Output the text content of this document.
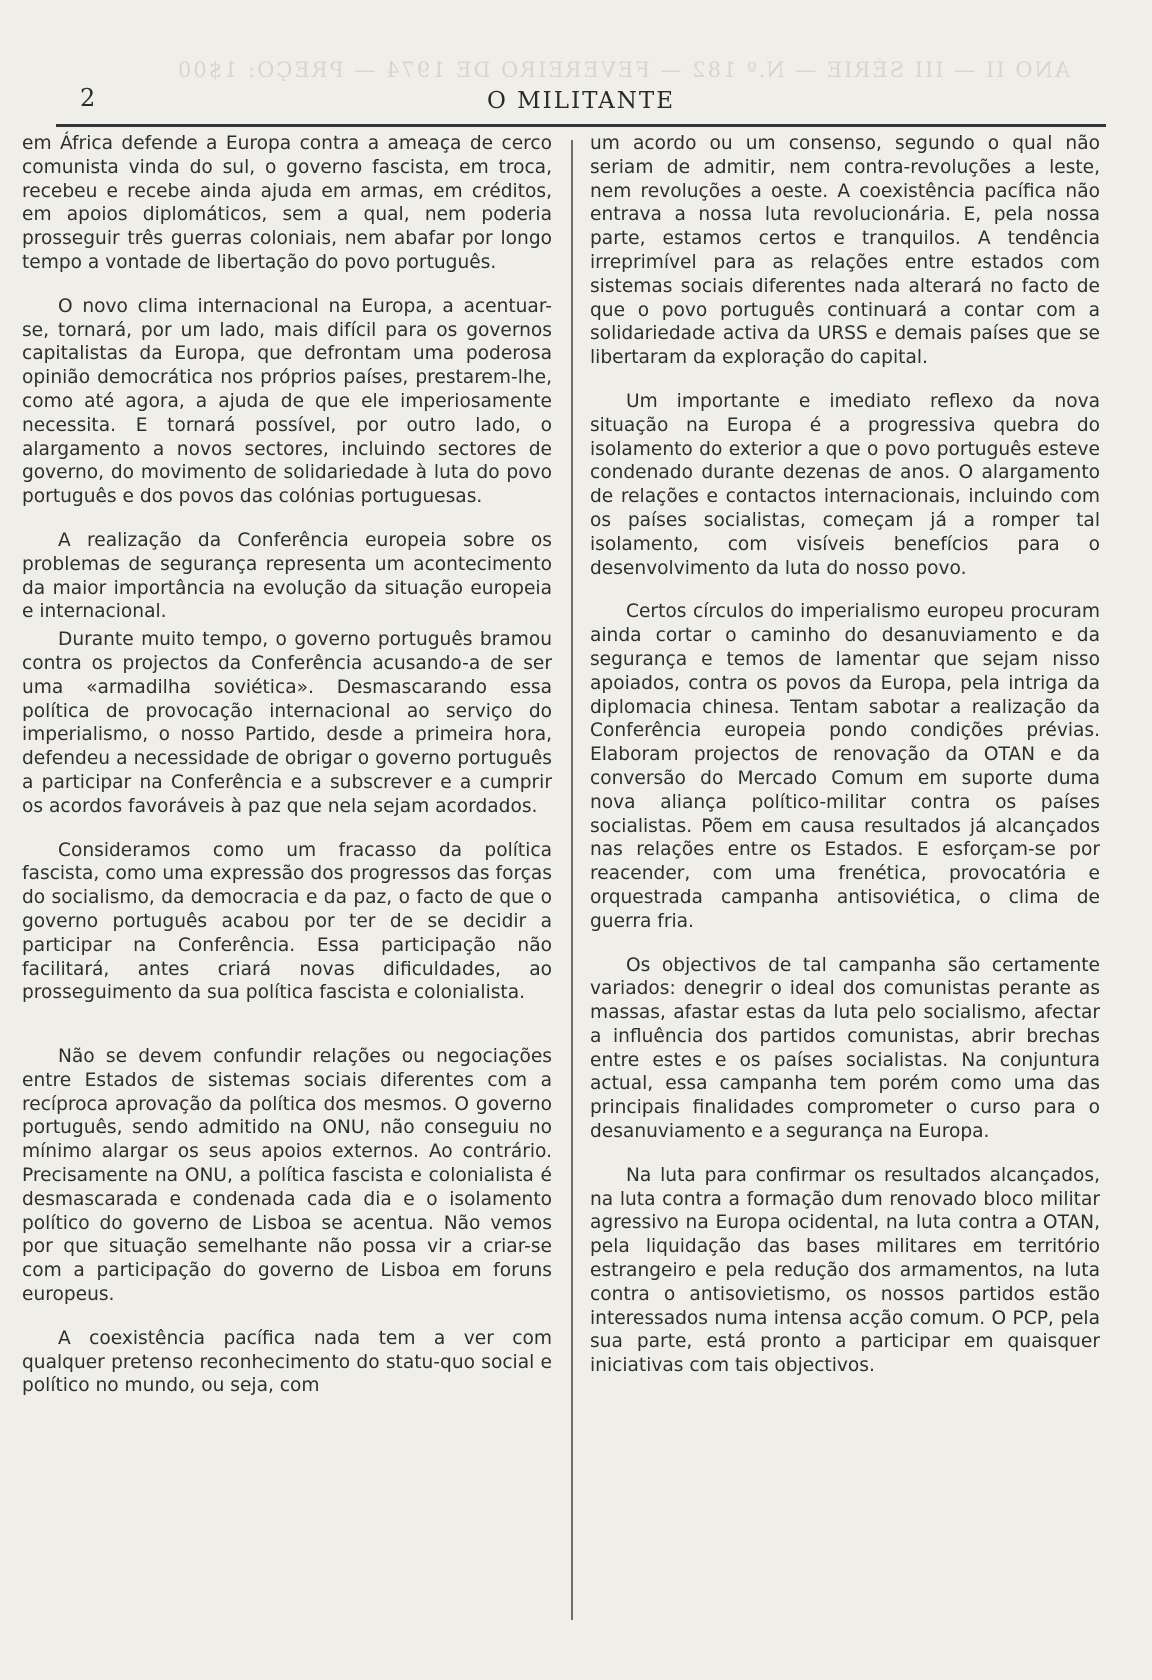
ANO II — III SÉRIE — N.º 182 — FEVEREIRO DE 1974 — PREÇO: 1$00
2	O MILITANTE

em África defende a Europa contra a ameaça de cerco comunista vinda do sul, o governo fascista, em troca, recebeu e recebe ainda ajuda em armas, em créditos, em apoios diplomáticos, sem a qual, nem poderia prosseguir três guerras coloniais, nem abafar por longo tempo a vontade de libertação do povo português.

O novo clima internacional na Europa, a acentuar-se, tornará, por um lado, mais difícil para os governos capitalistas da Europa, que defrontam uma poderosa opinião democrática nos próprios países, prestarem-lhe, como até agora, a ajuda de que ele imperiosamente necessita. E tornará possível, por outro lado, o alargamento a novos sectores, incluindo sectores de governo, do movimento de solidariedade à luta do povo português e dos povos das colónias portuguesas.

A realização da Conferência europeia sobre os problemas de segurança representa um acontecimento da maior importância na evolução da situação europeia e internacional.

Durante muito tempo, o governo português bramou contra os projectos da Conferência acusando-a de ser uma «armadilha soviética». Desmascarando essa política de provocação internacional ao serviço do imperialismo, o nosso Partido, desde a primeira hora, defendeu a necessidade de obrigar o governo português a participar na Conferência e a subscrever e a cumprir os acordos favoráveis à paz que nela sejam acordados.

Consideramos como um fracasso da política fascista, como uma expressão dos progressos das forças do socialismo, da democracia e da paz, o facto de que o governo português acabou por ter de se decidir a participar na Conferência. Essa participação não facilitará, antes criará novas dificuldades, ao prosseguimento da sua política fascista e colonialista.

Não se devem confundir relações ou negociações entre Estados de sistemas sociais diferentes com a recíproca aprovação da política dos mesmos. O governo português, sendo admitido na ONU, não conseguiu no mínimo alargar os seus apoios externos. Ao contrário. Precisamente na ONU, a política fascista e colonialista é desmascarada e condenada cada dia e o isolamento político do governo de Lisboa se acentua. Não vemos por que situação semelhante não possa vir a criar-se com a participação do governo de Lisboa em foruns europeus.

A coexistência pacífica nada tem a ver com qualquer pretenso reconhecimento do statu-quo social e político no mundo, ou seja, com

um acordo ou um consenso, segundo o qual não seriam de admitir, nem contra-revoluções a leste, nem revoluções a oeste. A coexistência pacífica não entrava a nossa luta revolucionária. E, pela nossa parte, estamos certos e tranquilos. A tendência irreprimível para as relações entre estados com sistemas sociais diferentes nada alterará no facto de que o povo português continuará a contar com a solidariedade activa da URSS e demais países que se libertaram da exploração do capital.

Um importante e imediato reflexo da nova situação na Europa é a progressiva quebra do isolamento do exterior a que o povo português esteve condenado durante dezenas de anos. O alargamento de relações e contactos internacionais, incluindo com os países socialistas, começam já a romper tal isolamento, com visíveis benefícios para o desenvolvimento da luta do nosso povo.

Certos círculos do imperialismo europeu procuram ainda cortar o caminho do desanuviamento e da segurança e temos de lamentar que sejam nisso apoiados, contra os povos da Europa, pela intriga da diplomacia chinesa. Tentam sabotar a realização da Conferência europeia pondo condições prévias. Elaboram projectos de renovação da OTAN e da conversão do Mercado Comum em suporte duma nova aliança político-militar contra os países socialistas. Põem em causa resultados já alcançados nas relações entre os Estados. E esforçam-se por reacender, com uma frenética, provocatória e orquestrada campanha antisoviética, o clima de guerra fria.

Os objectivos de tal campanha são certamente variados: denegrir o ideal dos comunistas perante as massas, afastar estas da luta pelo socialismo, afectar a influência dos partidos comunistas, abrir brechas entre estes e os países socialistas. Na conjuntura actual, essa campanha tem porém como uma das principais finalidades comprometer o curso para o desanuviamento e a segurança na Europa.

Na luta para confirmar os resultados alcançados, na luta contra a formação dum renovado bloco militar agressivo na Europa ocidental, na luta contra a OTAN, pela liquidação das bases militares em território estrangeiro e pela redução dos armamentos, na luta contra o antisovietismo, os nossos partidos estão interessados numa intensa acção comum. O PCP, pela sua parte, está pronto a participar em quaisquer iniciativas com tais objectivos.
